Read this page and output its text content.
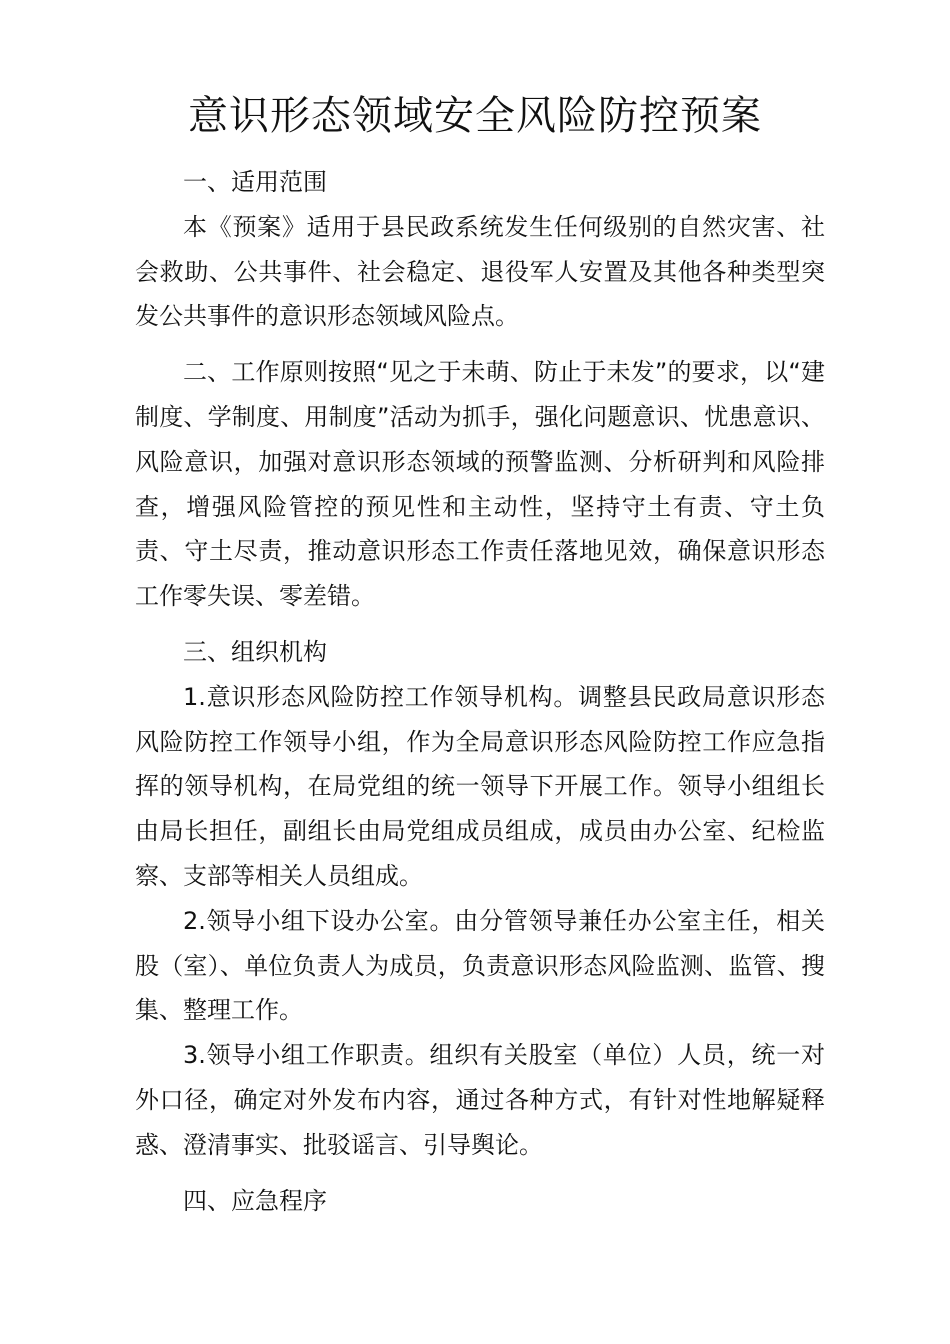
意识形态领域安全风险防控预案

一、适用范围

本《预案》适用于县民政系统发生任何级别的自然灾害、社会救助、公共事件、社会稳定、退役军人安置及其他各种类型突发公共事件的意识形态领域风险点。

二、工作原则按照“见之于未萌、防止于未发”的要求，以“建制度、学制度、用制度”活动为抓手，强化问题意识、忧患意识、风险意识，加强对意识形态领域的预警监测、分析研判和风险排查，增强风险管控的预见性和主动性，坚持守土有责、守土负责、守土尽责，推动意识形态工作责任落地见效，确保意识形态工作零失误、零差错。

三、组织机构

1.意识形态风险防控工作领导机构。调整县民政局意识形态风险防控工作领导小组，作为全局意识形态风险防控工作应急指挥的领导机构，在局党组的统一领导下开展工作。领导小组组长由局长担任，副组长由局党组成员组成，成员由办公室、纪检监察、支部等相关人员组成。

2.领导小组下设办公室。由分管领导兼任办公室主任，相关股（室）、单位负责人为成员，负责意识形态风险监测、监管、搜集、整理工作。

3.领导小组工作职责。组织有关股室（单位）人员，统一对外口径，确定对外发布内容，通过各种方式，有针对性地解疑释惑、澄清事实、批驳谣言、引导舆论。

四、应急程序
